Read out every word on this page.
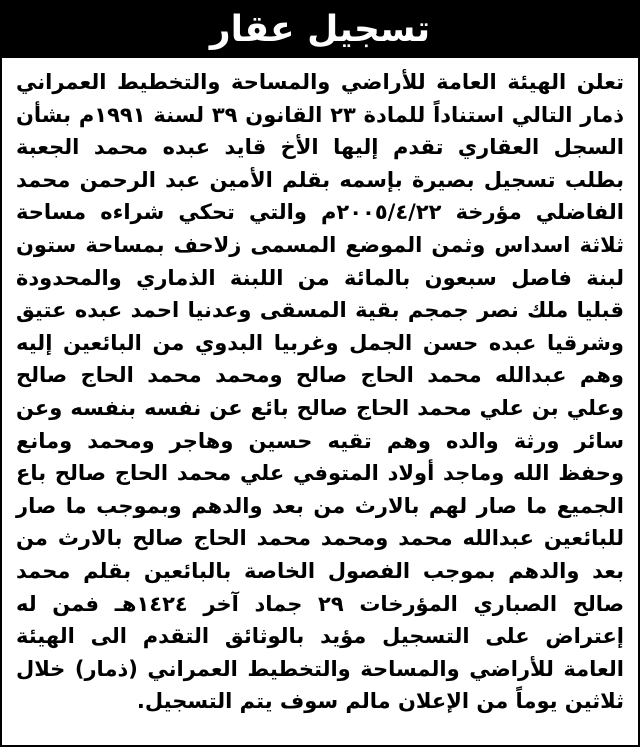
تسجيل عقار
تعلن الهيئة العامة للأراضي والمساحة والتخطيط العمراني ذمار التالي استناداً للمادة ٢٣ القانون ٣٩ لسنة ١٩٩١م بشأن السجل العقاري تقدم إليها الأخ قايد عبده محمد الجعبة بطلب تسجيل بصيرة بإسمه بقلم الأمين عبد الرحمن محمد الفاضلي مؤرخة ٢٠٠٥/٤/٢٢م والتي تحكي شراءه مساحة ثلاثة اسداس وثمن الموضع المسمى زلاحف بمساحة ستون لبنة فاصل سبعون بالمائة من اللبنة الذماري والمحدودة قبليا ملك نصر جمجم بقية المسقى وعدنيا احمد عبده عتيق وشرقيا عبده حسن الجمل وغربيا البدوي من البائعين إليه وهم عبدالله محمد الحاج صالح ومحمد محمد الحاج صالح وعلي بن علي محمد الحاج صالح بائع عن نفسه بنفسه وعن سائر ورثة والده وهم تقيه حسين وهاجر ومحمد ومانع وحفظ الله وماجد أولاد المتوفي علي محمد الحاج صالح باع الجميع ما صار لهم بالارث من بعد والدهم وبموجب ما صار للبائعين عبدالله محمد ومحمد محمد الحاج صالح بالارث من بعد والدهم بموجب الفصول الخاصة بالبائعين بقلم محمد صالح الصباري المؤرخات ٢٩ جماد آخر ١٤٢٤هـ فمن له إعتراض على التسجيل مؤيد بالوثائق التقدم الى الهيئة العامة للأراضي والمساحة والتخطيط العمراني (ذمار) خلال ثلاثين يوماً من الإعلان مالم سوف يتم التسجيل.
